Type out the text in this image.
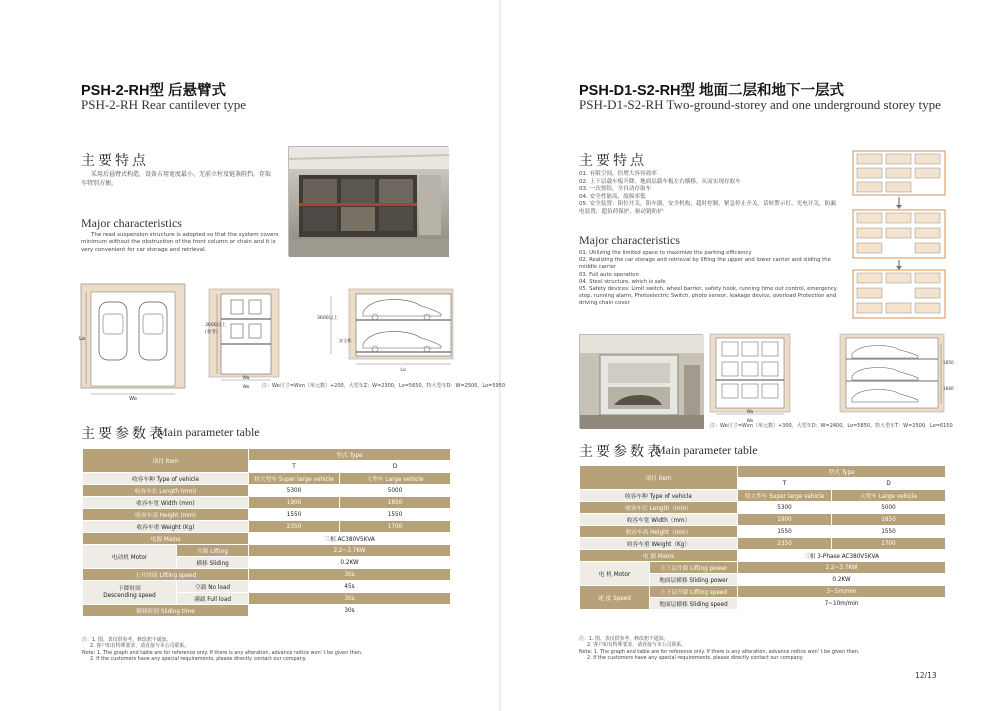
PSH-2-RH型 后悬臂式
PSH-2-RH Rear cantilever type
主要特点

采用后悬臂式构造，设备占用宽度最小，无前立柱及链条阻挡，存取车特别方便。

Major characteristics

The read suspension structure is adopted so that the system covers minimum without the obstruction of the front column or chain and it is very convenient for car storage and retrieval.

La
Wo
3600以上
(参考)
Wa
Wo
3600以上
安全板
Lo
注：Wo尺寸=Wxn（单元数）+200，大型车Z：W=2300，Lo=5650，特大型车D：W=2500，Lo=5950
主要参数表
Main parameter table
项目 Item		型式 Type	
		T	D
收容车种 Type of vehicle		特大型车 Super large vehicle	大型车 Large vehicle
收容车长 Length (mm)		5300	5000
收容车宽 Width (mm)		1900	1850
收容车高 Height (mm)		1550	1550
收容车重 Weight (Kg)		2350	1700
电源 Mains		三相 AC380V5KVA	
电动机 Motor	升降 Lifting	2.2~3.7KW	
	横移 Sliding	0.2KW	
上升时间 Lifting speed		30s	

下降时间
Descending speed	空载 No load	45s	
	满载 Full load	30s	
横移时间 Sliding time		30s	
注：1. 图、表仅供参考，修改恕不通知。
2. 客户如有特殊要求，请直接与本公司联系。
Note: 1. The graph and table are for reference only. If there is any alteration, advance notice won' t be given then.
2. If the customers have any special requirements, please directly contact our company.
PSH-D1-S2-RH型 地面二层和地下一层式
PSH-D1-S2-RH Two-ground-storey and one underground storey type
主要特点
01. 有限空间，倍增大容容效率
02. 上下层载车板升降，地面层载车板左右横移，从而实现存取车
03. 一次按钮，全自动存取车
04. 安全性能高，故障率低
05. 安全装置：阻位开关，阻车器，安全机构，超时控制，紧急停止开关，话转警示灯、光电开关，防漏电装置，超负荷保护，驱动链防护
Major characteristics
01. Utilizing the limited space to maximize the parking efficiency
02. Realizing the car storage and retrieval by lifting the upper and lower carrier and sliding the middle carrier
03. Full auto operation
04. Steel structure, which is safe
05. Safety devices: Limit switch, wheel barrier, safety hook, running time out control, emergency stop, running alarm, Photoelectric Switch, photo sensor, leakage device, overload Protection and driving chain cover
Wa
Wo
1850
1660
注：Wo尺寸=Wxn（单元数）+300，大型车D：W=2400，Lo=5850，特大型车T：W=2500，Lo=6150
主要参数表
Main parameter table
项目 Item		型式 Type	
		T	D
收容车种 Type of vehicle		特大型车 Super large vehicle	大型车 Large vehicle
收容车长 Length（mm）		5300	5000
收容车宽 Width（mm）		1900	1850
收容车高 Height（mm）		1550	1550
收容车重 Weight（Kg）		2350	1700
电 源 Mains		三相 3-Phase AC380V5KVA	
电 机 Motor	上下层升降 Lifting power	2.2~3.7KW	
	地面层横移 Sliding power	0.2KW	
速 度 Speed	上下层升降 Lifting speed	3~5m/min	
	地面层横移 Sliding speed	7~10m/min	
注：1. 图、表仅供参考，修改恕不通知。
2. 客户如有特殊要求，请直接与本公司联系。
Note: 1. The graph and table are for reference only. If there is any alteration, advance notice won' t be given then.
2. If the customers have any special requirements, please directly contact our company.
12/13
